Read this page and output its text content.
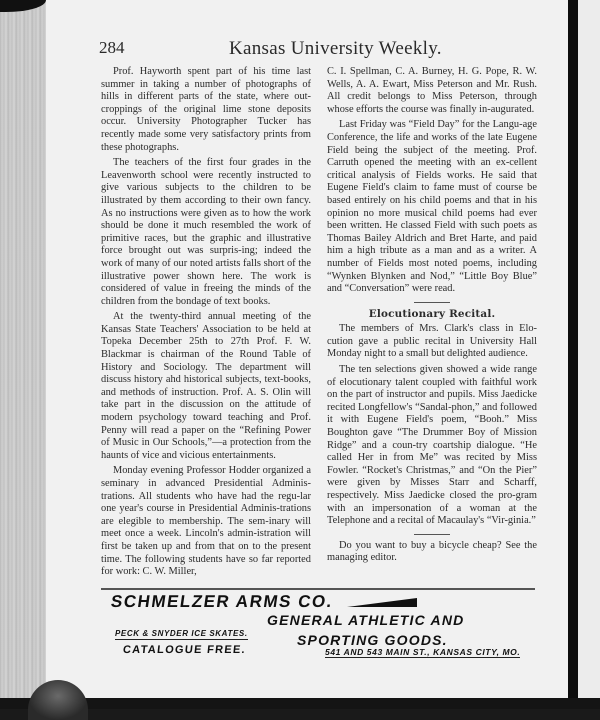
284	Kansas University Weekly.

Prof. Hayworth spent part of his time last summer in taking a number of photographs of hills in different parts of the state, where out-croppings of the original lime stone deposits occur. University Photographer Tucker has recently made some very satisfactory prints from these photographs.

The teachers of the first four grades in the Leavenworth school were recently instructed to give various subjects to the children to be illustrated by them according to their own fancy. As no instructions were given as to how the work should be done it much resembled the work of primitive races, but the graphic and illustrative force brought out was surpris-ing; indeed the work of many of our noted artists falls short of the illustrative power shown here. The work is considered of value in freeing the minds of the children from the bondage of text books.

At the twenty-third annual meeting of the Kansas State Teachers' Association to be held at Topeka December 25th to 27th Prof. F. W. Blackmar is chairman of the Round Table of History and Sociology. The department will discuss history ahd historical subjects, text-books, and methods of instruction. Prof. A. S. Olin will take part in the discussion on the attitude of modern psychology toward teaching and Prof. Penny will read a paper on the “Refining Power of Music in Our Schools,”—a protection from the haunts of vice and vicious entertainments.

Monday evening Professor Hodder organized a seminary in advanced Presidential Adminis-trations. All students who have had the regu-lar one year's course in Presidential Adminis-trations are elegible to membership. The sem-inary will meet once a week. Lincoln's admin-istration will first be taken up and from that on to the present time. The following students have so far reported for work: C. W. Miller,

C. I. Spellman, C. A. Burney, H. G. Pope, R. W. Wells, A. A. Ewart, Miss Peterson and Mr. Rush. All credit belongs to Miss Peterson, through whose efforts the course was finally in-augurated.

Last Friday was “Field Day” for the Langu-age Conference, the life and works of the late Eugene Field being the subject of the meeting. Prof. Carruth opened the meeting with an ex-cellent critical analysis of Fields works. He said that Eugene Field's claim to fame must of course be based entirely on his child poems and that in his opinion no more musical child poems had ever been written. He classed Field with such poets as Thomas Bailey Aldrich and Bret Harte, and paid him a high tribute as a man and as a writer. A number of Fields most noted poems, including “Wynken Blynken and Nod,” “Little Boy Blue” and “Conversation” were read.

Elocutionary Recital.

The members of Mrs. Clark's class in Elo-cution gave a public recital in University Hall Monday night to a small but delighted audience.

The ten selections given showed a wide range of elocutionary talent coupled with faithful work on the part of instructor and pupils. Miss Jaedicke recited Longfellow's “Sandal-phon,” and followed it with Eugene Field's poem, “Booh.” Miss Boughton gave “The Drummer Boy of Mission Ridge” and a coun-try coartship dialogue. “He called Her in from Me” was recited by Miss Fowler. “Rocket's Christmas,” and “On the Pier” were given by Misses Starr and Scharff, respectively. Miss Jaedicke closed the pro-gram with an impersonation of a woman at the Telephone and a recital of Macaulay's “Vir-ginia.”

Do you want to buy a bicycle cheap? See the managing editor.

SCHMELZER ARMS CO.
GENERAL ATHLETIC AND
SPORTING GOODS.
PECK & SNYDER ICE SKATES.
CATALOGUE FREE.	541 AND 543 MAIN ST., KANSAS CITY, MO.
